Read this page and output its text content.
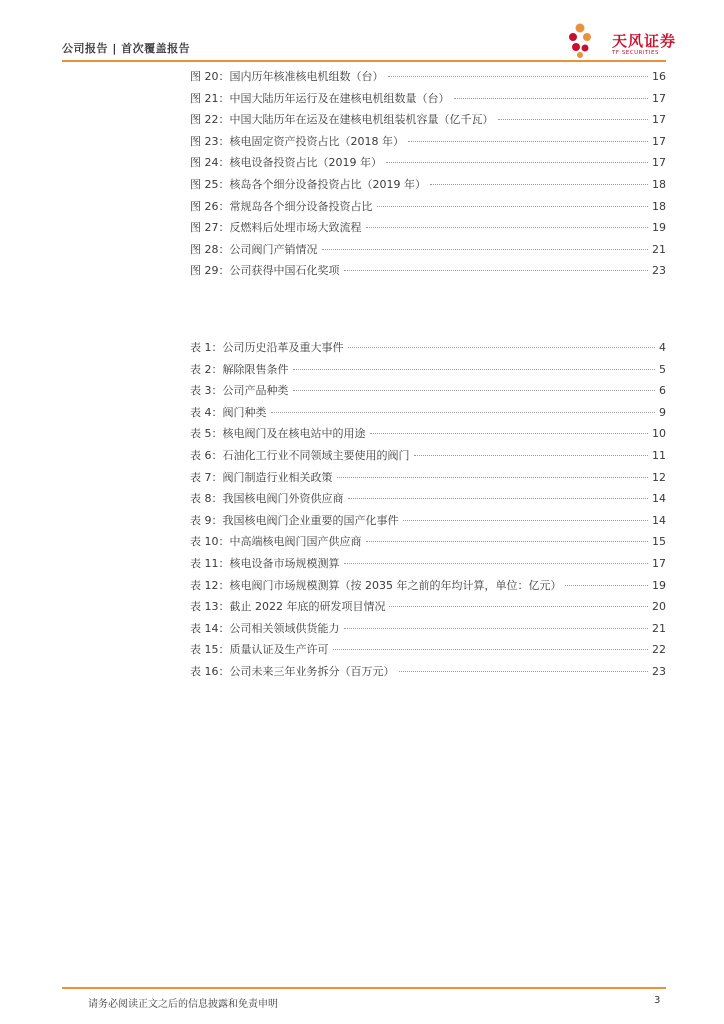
公司报告 | 首次覆盖报告	天风证券
TF SECURITIES
图 20：国内历年核准核电机组数（台）	16
图 21：中国大陆历年运行及在建核电机组数量（台）	17
图 22：中国大陆历年在运及在建核电机组装机容量（亿千瓦）	17
图 23：核电固定资产投资占比（2018 年）	17
图 24：核电设备投资占比（2019 年）	17
图 25：核岛各个细分设备投资占比（2019 年）	18
图 26：常规岛各个细分设备投资占比	18
图 27：反燃料后处埋市场大致流程	19
图 28：公司阀门产销情况	21
图 29：公司获得中国石化奖项	23
表 1：公司历史沿革及重大事件	4
表 2：解除限售条件	5
表 3：公司产品种类	6
表 4：阀门种类	9
表 5：核电阀门及在核电站中的用途	10
表 6：石油化工行业不同领域主要使用的阀门	11
表 7：阀门制造行业相关政策	12
表 8：我国核电阀门外资供应商	14
表 9：我国核电阀门企业重要的国产化事件	14
表 10：中高端核电阀门国产供应商	15
表 11：核电设备市场规模测算	17
表 12：核电阀门市场规模测算（按 2035 年之前的年均计算，单位：亿元）	19
表 13：截止 2022 年底的研发项目情况	20
表 14：公司相关领域供货能力	21
表 15：质量认证及生产许可	22
表 16：公司未来三年业务拆分（百万元）	23
请务必阅读正文之后的信息披露和免责申明	3
